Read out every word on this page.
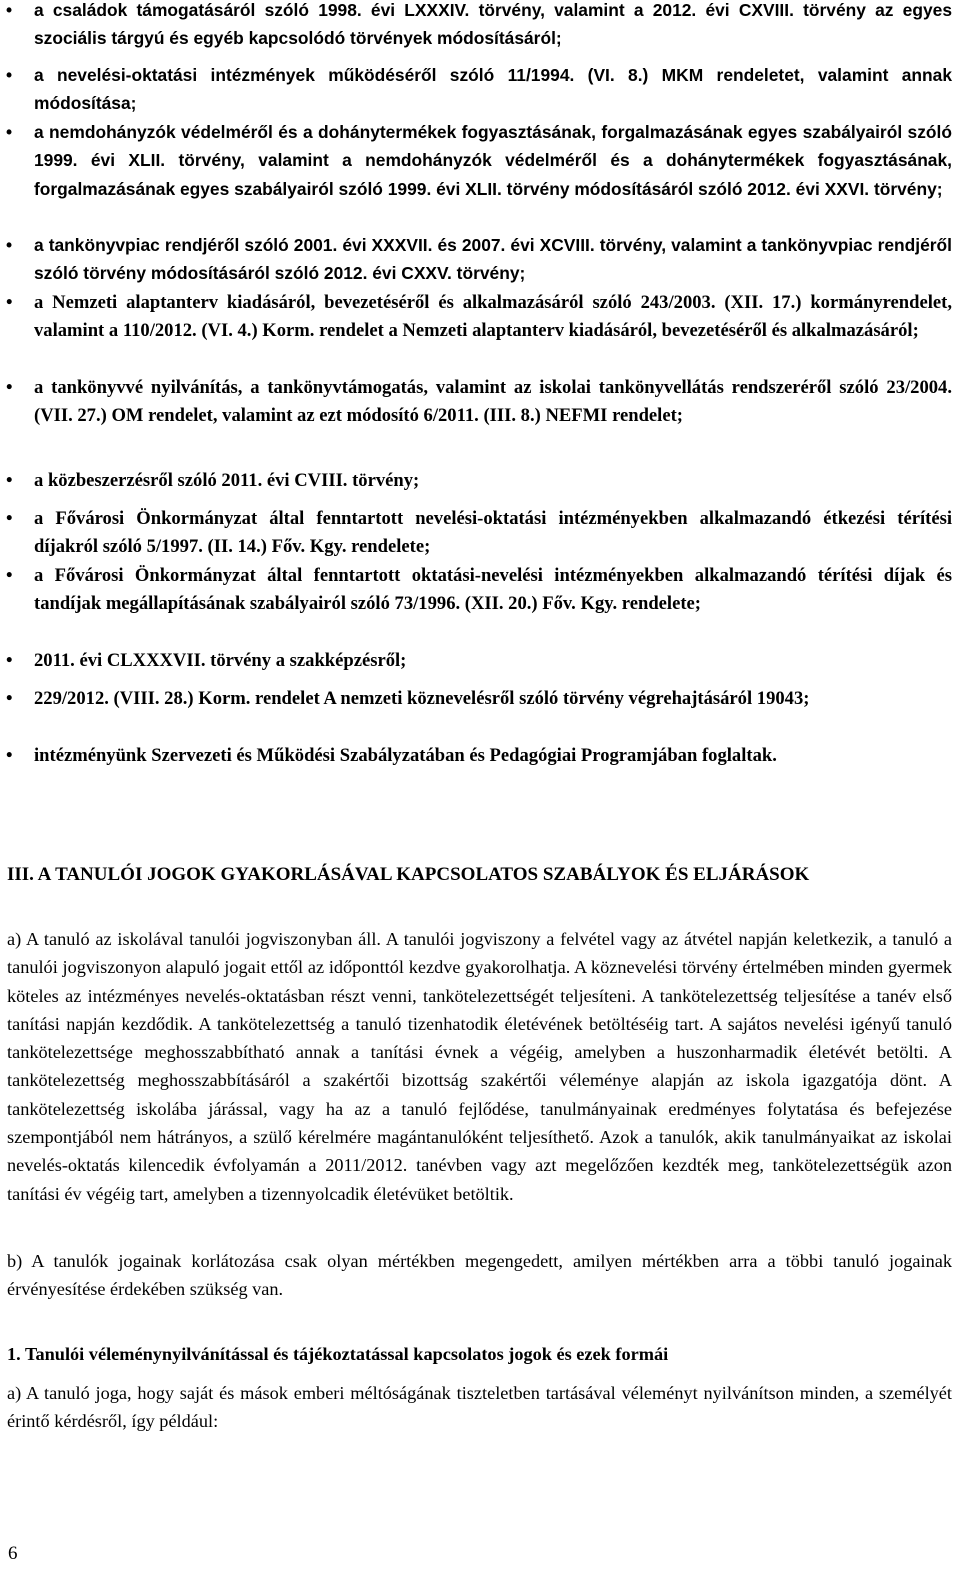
• a családok támogatásáról szóló 1998. évi LXXXIV. törvény, valamint a 2012. évi CXVIII. törvény az egyes szociális tárgyú és egyéb kapcsolódó törvények módosításáról;
• a nevelési-oktatási intézmények működéséről szóló 11/1994. (VI. 8.) MKM rendeletet, valamint annak módosítása;
• a nemdohányzók védelméről és a dohánytermékek fogyasztásának, forgalmazásának egyes szabályairól szóló 1999. évi XLII. törvény, valamint a nemdohányzók védelméről és a dohánytermékek fogyasztásának, forgalmazásának egyes szabályairól szóló 1999. évi XLII. törvény módosításáról szóló 2012. évi XXVI. törvény;
• a tankönyvpiac rendjéről szóló 2001. évi XXXVII. és 2007. évi XCVIII. törvény, valamint a tankönyvpiac rendjéről szóló törvény módosításáról szóló 2012. évi CXXV. törvény;
• a Nemzeti alaptanterv kiadásáról, bevezetéséről és alkalmazásáról szóló 243/2003. (XII. 17.) kormányrendelet, valamint a 110/2012. (VI. 4.) Korm. rendelet a Nemzeti alaptanterv kiadásáról, bevezetéséről és alkalmazásáról;
• a tankönyvvé nyilvánítás, a tankönyvtámogatás, valamint az iskolai tankönyvellátás rendszeréről szóló 23/2004. (VII. 27.) OM rendelet, valamint az ezt módosító 6/2011. (III. 8.) NEFMI rendelet;
• a közbeszerzésről szóló 2011. évi CVIII. törvény;
• a Fővárosi Önkormányzat által fenntartott nevelési-oktatási intézményekben alkalmazandó étkezési térítési díjakról szóló 5/1997. (II. 14.) Főv. Kgy. rendelete;
• a Fővárosi Önkormányzat által fenntartott oktatási-nevelési intézményekben alkalmazandó térítési díjak és tandíjak megállapításának szabályairól szóló 73/1996. (XII. 20.) Főv. Kgy. rendelete;
• 2011. évi CLXXXVII. törvény a szakképzésről;
• 229/2012. (VIII. 28.) Korm. rendelet A nemzeti köznevelésről szóló törvény végrehajtásáról 19043;
• intézményünk Szervezeti és Működési Szabályzatában és Pedagógiai Programjában foglaltak.
III. A TANULÓI JOGOK GYAKORLÁSÁVAL KAPCSOLATOS SZABÁLYOK ÉS ELJÁRÁSOK

a) A tanuló az iskolával tanulói jogviszonyban áll. A tanulói jogviszony a felvétel vagy az átvétel napján keletkezik, a tanuló a tanulói jogviszonyon alapuló jogait ettől az időponttól kezdve gyakorolhatja. A köznevelési törvény értelmében minden gyermek köteles az intézményes nevelés-oktatásban részt venni, tankötelezettségét teljesíteni. A tankötelezettség teljesítése a tanév első tanítási napján kezdődik. A tankötelezettség a tanuló tizenhatodik életévének betöltéséig tart. A sajátos nevelési igényű tanuló tankötelezettsége meghosszabbítható annak a tanítási évnek a végéig, amelyben a huszonharmadik életévét betölti. A tankötelezettség meghosszabbításáról a szakértői bizottság szakértői véleménye alapján az iskola igazgatója dönt. A tankötelezettség iskolába járással, vagy ha az a tanuló fejlődése, tanulmányainak eredményes folytatása és befejezése szempontjából nem hátrányos, a szülő kérelmére magántanulóként teljesíthető. Azok a tanulók, akik tanulmányaikat az iskolai nevelés-oktatás kilencedik évfolyamán a 2011/2012. tanévben vagy azt megelőzően kezdték meg, tankötelezettségük azon tanítási év végéig tart, amelyben a tizennyolcadik életévüket betöltik.

b) A tanulók jogainak korlátozása csak olyan mértékben megengedett, amilyen mértékben arra a többi tanuló jogainak érvényesítése érdekében szükség van.

1. Tanulói véleménynyilvánítással és tájékoztatással kapcsolatos jogok és ezek formái

a) A tanuló joga, hogy saját és mások emberi méltóságának tiszteletben tartásával véleményt nyilvánítson minden, a személyét érintő kérdésről, így például:

6
